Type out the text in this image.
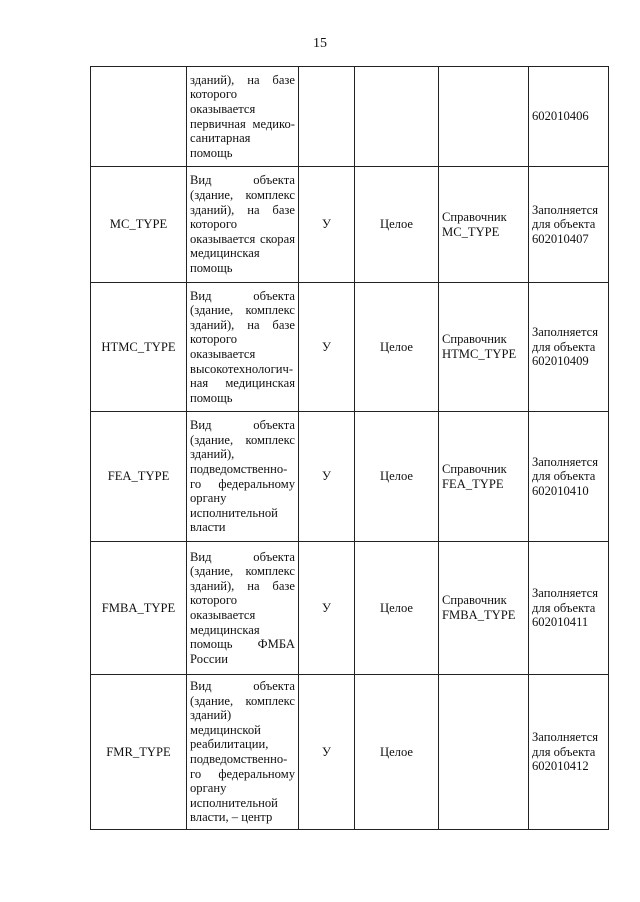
15
	зданий), на базе которого оказывается первичная медико-санитарная помощь				602010406
MC_TYPE	Вид объекта (здание, комплекс зданий), на базе которого оказывается скорая медицинская помощь	У	Целое	Справочник MC_TYPE	Заполняется для объекта 602010407
HTMC_TYPE	Вид объекта (здание, комплекс зданий), на базе которого оказывается высокотехнологич-ная медицинская помощь	У	Целое	Справочник HTMC_TYPE	Заполняется для объекта 602010409
FEA_TYPE	Вид объекта (здание, комплекс зданий), подведомственно-го федеральному органу исполнительной власти	У	Целое	Справочник FEA_TYPE	Заполняется для объекта 602010410
FMBA_TYPE	Вид объекта (здание, комплекс зданий), на базе которого оказывается медицинская помощь ФМБА России	У	Целое	Справочник FMBA_TYPE	Заполняется для объекта 602010411
FMR_TYPE	Вид объекта (здание, комплекс зданий) медицинской реабилитации, подведомственно-го федеральному органу исполнительной власти, – центр	У	Целое		Заполняется для объекта 602010412
